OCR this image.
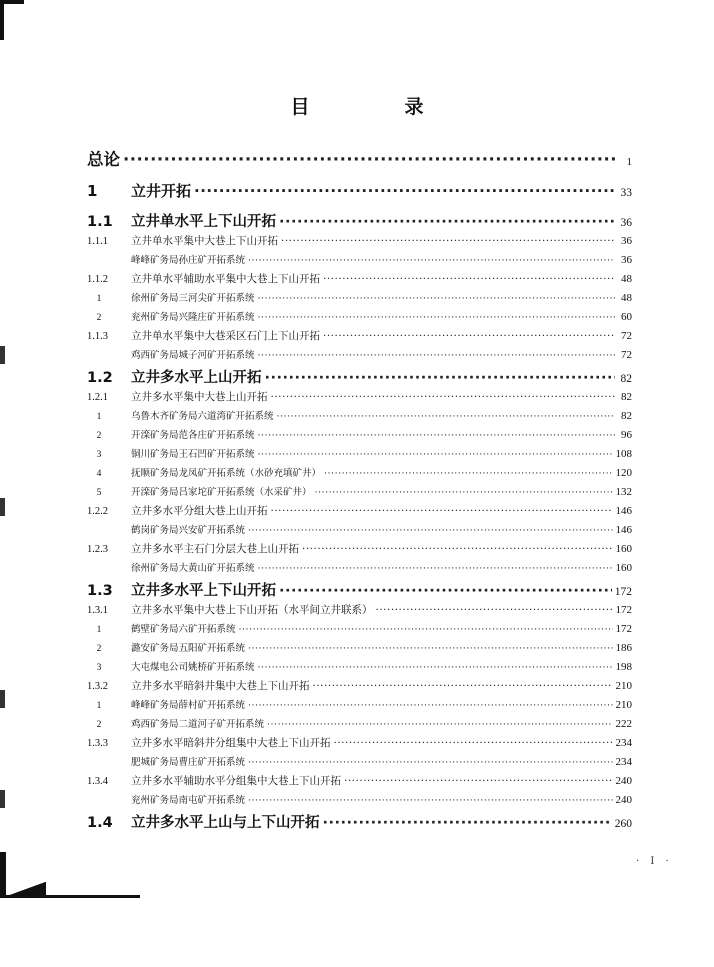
目　录
总论 ·····	1
1	立井开拓 ·····	33
1.1	立井单水平上下山开拓 ·····	36
1.1.1	立井单水平集中大巷上下山开拓 ·····	36
峰峰矿务局孙庄矿开拓系统 ·····	36
1.1.2	立井单水平辅助水平集中大巷上下山开拓 ·····	48
1	徐州矿务局三河尖矿开拓系统 ·····	48
2	兖州矿务局兴隆庄矿开拓系统 ·····	60
1.1.3	立井单水平集中大巷采区石门上下山开拓 ·····	72
鸡西矿务局城子河矿开拓系统 ·····	72
1.2	立井多水平上山开拓 ·····	82
1.2.1	立井多水平集中大巷上山开拓 ·····	82
1	乌鲁木齐矿务局六道湾矿开拓系统 ·····	82
2	开滦矿务局范各庄矿开拓系统 ·····	96
3	铜川矿务局王石凹矿开拓系统 ·····	108
4	抚顺矿务局龙凤矿开拓系统（水砂充填矿井） ·····	120
5	开滦矿务局吕家坨矿开拓系统（水采矿井） ·····	132
1.2.2	立井多水平分组大巷上山开拓 ·····	146
鹤岗矿务局兴安矿开拓系统 ·····	146
1.2.3	立井多水平主石门分层大巷上山开拓 ·····	160
徐州矿务局大黄山矿开拓系统 ·····	160
1.3	立井多水平上下山开拓 ·····	172
1.3.1	立井多水平集中大巷上下山开拓（水平间立井联系） ·····	172
1	鹤壁矿务局六矿开拓系统 ·····	172
2	潞安矿务局五阳矿开拓系统 ·····	186
3	大屯煤电公司姚桥矿开拓系统 ·····	198
1.3.2	立井多水平暗斜井集中大巷上下山开拓 ·····	210
1	峰峰矿务局薛村矿开拓系统 ·····	210
2	鸡西矿务局二道河子矿开拓系统 ·····	222
1.3.3	立井多水平暗斜井分组集中大巷上下山开拓 ·····	234
肥城矿务局曹庄矿开拓系统 ·····	234
1.3.4	立井多水平辅助水平分组集中大巷上下山开拓 ·····	240
兖州矿务局南屯矿开拓系统 ·····	240
1.4	立井多水平上山与上下山开拓 ·····	260
· Ⅰ ·
